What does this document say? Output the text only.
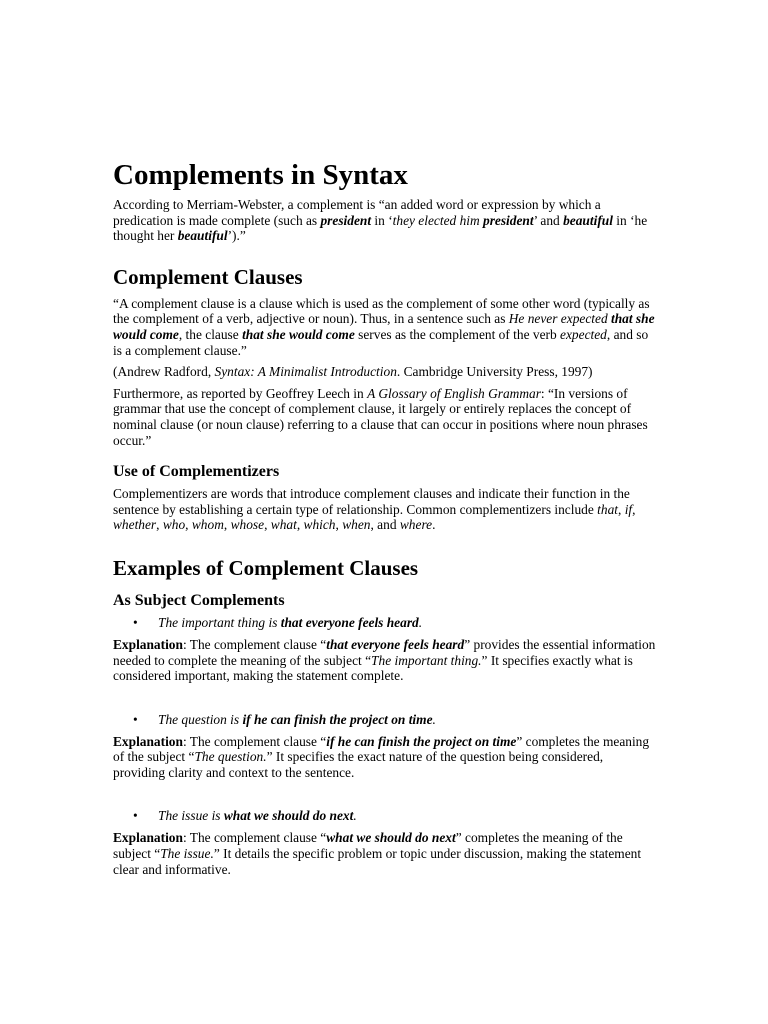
Complements in Syntax

According to Merriam-Webster, a complement is “an added word or expression by which a predication is made complete (such as president in ‘they elected him president’ and beautiful in ‘he thought her beautiful’).”

Complement Clauses

“A complement clause is a clause which is used as the complement of some other word (typically as the complement of a verb, adjective or noun). Thus, in a sentence such as He never expected that she would come, the clause that she would come serves as the complement of the verb expected, and so is a complement clause.”

(Andrew Radford, Syntax: A Minimalist Introduction. Cambridge University Press, 1997)

Furthermore, as reported by Geoffrey Leech in A Glossary of English Grammar: “In versions of grammar that use the concept of complement clause, it largely or entirely replaces the concept of nominal clause (or noun clause) referring to a clause that can occur in positions where noun phrases occur.”

Use of Complementizers

Complementizers are words that introduce complement clauses and indicate their function in the sentence by establishing a certain type of relationship. Common complementizers include that, if, whether, who, whom, whose, what, which, when, and where.

Examples of Complement Clauses
As Subject Complements
• The important thing is that everyone feels heard.

Explanation: The complement clause “that everyone feels heard” provides the essential information needed to complete the meaning of the subject “The important thing.” It specifies exactly what is considered important, making the statement complete.

• The question is if he can finish the project on time.

Explanation: The complement clause “if he can finish the project on time” completes the meaning of the subject “The question.” It specifies the exact nature of the question being considered, providing clarity and context to the sentence.

• The issue is what we should do next.

Explanation: The complement clause “what we should do next” completes the meaning of the subject “The issue.” It details the specific problem or topic under discussion, making the statement clear and informative.
